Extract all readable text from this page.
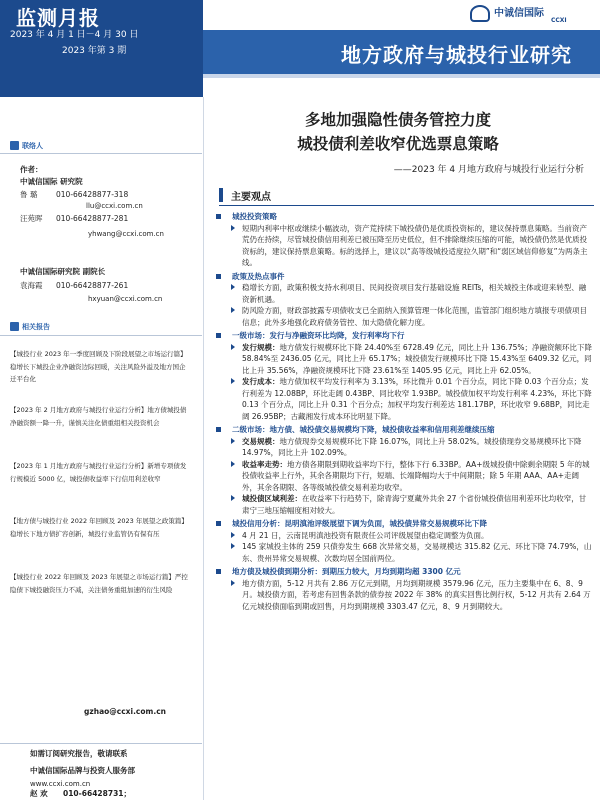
监测月报
2023 年 4 月 1 日－4 月 30 日
2023 年第 3 期
中诚信国际
CCXI
地方政府与城投行业研究
联络人
作者：
中诚信国际 研究院
鲁 璐 010-66428877-318
llu@ccxi.com.cn
汪苑晖 010-66428877-281
yhwang@ccxi.com.cn
中诚信国际研究院 副院长
袁海霞 010-66428877-261
hxyuan@ccxi.com.cn
相关报告
【城投行业 2023 年一季度回顾及下阶段展望之市场运行篇】稳增长下城投企业净融资边际回暖，关注风险外溢及地方国企迁平台化
【2023 年 2 月地方政府与城投行业运行分析】地方债城投债净融资额一降一升，谨慎关注化债重组相关投资机会
【2023 年 1 月地方政府与城投行业运行分析】新增专项债发行规模近 5000 亿，城投债收益率下行信用利差收窄
【地方债与城投行业 2022 年回顾及 2023 年展望之政策篇】稳增长下地方债扩容创新，城投行业监管仍有保有压
【城投行业 2022 年回顾及 2023 年展望之市场运行篇】严控隐债下城投融资压力不减，关注债务重组加速的衍生风险
如需订阅研究报告，敬请联系
中诚信国际品牌与投资人服务部
赵 欢 010-66428731；
gzhao@ccxi.com.cn
www.ccxi.com.cn
多地加强隐性债务管控力度
城投债利差收窄优选票息策略
——2023 年 4 月地方政府与城投行业运行分析
主要观点
城投投资策略
短期内利率中枢或继续小幅波动，资产荒持续下城投债仍是优质投资标的，建议保持票息策略。当前资产荒仍在持续，尽管城投债信用利差已被压降至历史低位，但不排除继续压缩的可能，城投债仍然是优质投资标的，建议保持票息策略。标的选择上，建议以“高等级城投适度拉久期”和“弱区域信仰修复”为两条主线。
政策及热点事件
稳增长方面，政策积极支持水利项目、民间投资项目发行基础设施 REITs，相关城投主体或迎来转型、融资新机遇。
防风险方面，财政部披露专项债收支已全面纳入预算管理一体化范围，监管部门组织地方填报专项债项目信息；此外多地强化政府债务管控、加大隐债化解力度。
一级市场：发行与净融资环比均降，发行利率均下行
发行规模：地方债发行规模环比下降 24.40%至 6728.49 亿元，同比上升 136.75%；净融资额环比下降 58.84%至 2436.05 亿元，同比上升 65.17%；城投债发行规模环比下降 15.43%至 6409.32 亿元，同比上升 35.56%，净融资规模环比下降 23.61%至 1405.95 亿元，同比上升 62.05%。
发行成本：地方债加权平均发行利率为 3.13%，环比微升 0.01 个百分点，同比下降 0.03 个百分点；发行利差为 12.08BP，环比走阔 0.43BP、同比收窄 1.93BP。城投债加权平均发行利率 4.23%，环比下降 0.13 个百分点，同比上升 0.31 个百分点；加权平均发行利差达 181.17BP，环比收窄 9.68BP，同比走阔 26.95BP；古藏湘发行成本环比明显下降。
二级市场：地方债、城投债交易规模均下降，城投债收益率和信用利差继续压缩
交易规模：地方债现券交易规模环比下降 16.07%，同比上升 58.02%。城投债现券交易规模环比下降 14.97%，同比上升 102.09%。
收益率走势：地方债各期限到期收益率均下行，整体下行 6.33BP。AA+级城投债中除剩余期限 5 年的城投债收益率上行外，其余各期限均下行，短端、长端降幅均大于中间期限；除 5 年期 AAA、AA+走阔外，其余各期限、各等级城投债交易利差均收窄。
城投债区域利差：在收益率下行趋势下，除青海宁夏藏外共余 27 个省份城投债信用利差环比均收窄，甘肃宁三地压缩幅度相对较大。
城投信用分析：昆明滇池评级展望下调为负面，城投债异常交易规模环比下降
4 月 21 日，云南昆明滇池投资有限责任公司评级展望由稳定调整为负面。
145 家城投主体的 259 只债券发生 668 次异常交易，交易规模达 315.82 亿元、环比下降 74.79%，山东、贵州异常交易规模、次数均居全国前两位。
地方债及城投债到期分析：到期压力较大，月均到期均超 3300 亿元
地方债方面，5-12 月共有 2.86 万亿元到期，月均到期规模 3579.96 亿元，压力主要集中在 6、8、9 月。城投债方面，若考虑有回售条款的债券按 2022 年 38% 的真实回售比例行权，5-12 月共有 2.64 万亿元城投债面临到期或回售，月均到期规模 3303.47 亿元，8、9 月到期较大。
